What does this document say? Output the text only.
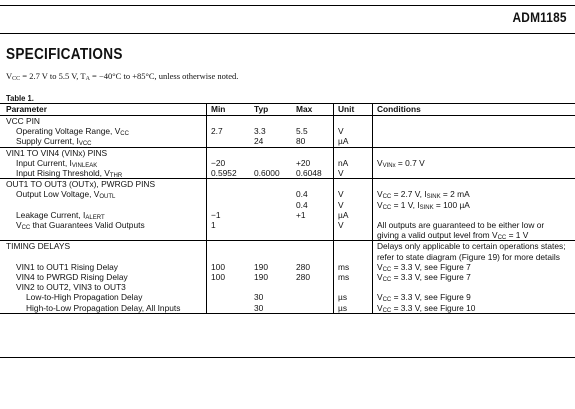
ADM1185
SPECIFICATIONS
VCC = 2.7 V to 5.5 V, TA = −40°C to +85°C, unless otherwise noted.
Table 1.
Parameter	Min	Typ	Max	Unit	Conditions
VCC PIN					
Operating Voltage Range, VCC	2.7	3.3	5.5	V	
Supply Current, IVCC		24	80	µA	
VIN1 TO VIN4 (VINx) PINS					
Input Current, IVINLEAK	−20		+20	nA	VVINx = 0.7 V
Input Rising Threshold, VTHR	0.5952	0.6000	0.6048	V	
OUT1 TO OUT3 (OUTx), PWRGD PINS					
Output Low Voltage, VOUTL			0.4	V	VCC = 2.7 V, ISINK = 2 mA
			0.4	V	VCC = 1 V, ISINK = 100 µA
Leakage Current, IALERT	−1		+1	µA	
VCC that Guarantees Valid Outputs	1			V	All outputs are guaranteed to be either low or
					giving a valid output level from VCC = 1 V
TIMING DELAYS					Delays only applicable to certain operations states;
					refer to state diagram (Figure 19) for more details
VIN1 to OUT1 Rising Delay	100	190	280	ms	VCC = 3.3 V, see Figure 7
VIN4 to PWRGD Rising Delay	100	190	280	ms	VCC = 3.3 V, see Figure 7
VIN2 to OUT2, VIN3 to OUT3					
Low-to-High Propagation Delay		30		µs	VCC = 3.3 V, see Figure 9
High-to-Low Propagation Delay, All Inputs		30		µs	VCC = 3.3 V, see Figure 10
